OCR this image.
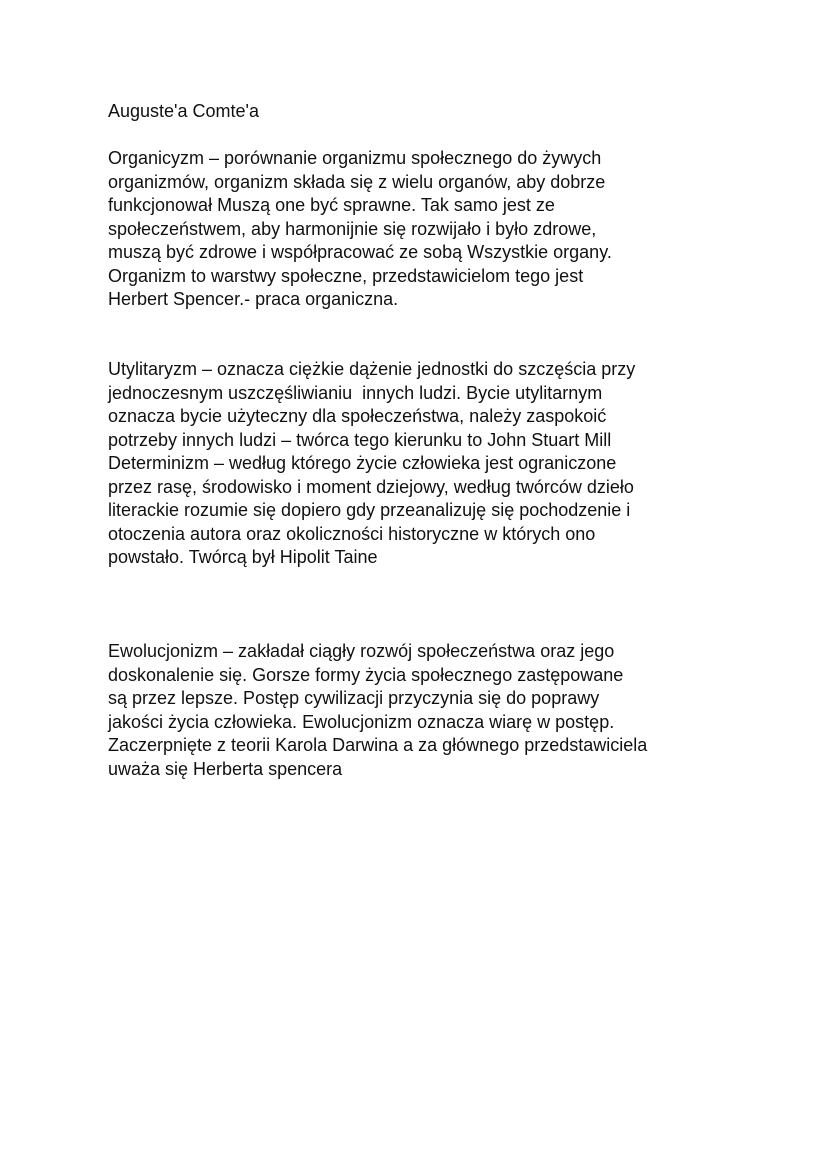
Auguste'a Comte'a
Organicyzm – porównanie organizmu społecznego do żywych
organizmów, organizm składa się z wielu organów, aby dobrze
funkcjonował Muszą one być sprawne. Tak samo jest ze
społeczeństwem, aby harmonijnie się rozwijało i było zdrowe,
muszą być zdrowe i współpracować ze sobą Wszystkie organy.
Organizm to warstwy społeczne, przedstawicielom tego jest
Herbert Spencer.- praca organiczna.
Utylitaryzm – oznacza ciężkie dążenie jednostki do szczęścia przy
jednoczesnym uszczęśliwianiu  innych ludzi. Bycie utylitarnym
oznacza bycie użyteczny dla społeczeństwa, należy zaspokoić
potrzeby innych ludzi – twórca tego kierunku to John Stuart Mill
Determinizm – według którego życie człowieka jest ograniczone
przez rasę, środowisko i moment dziejowy, według twórców dzieło
literackie rozumie się dopiero gdy przeanalizuję się pochodzenie i
otoczenia autora oraz okoliczności historyczne w których ono
powstało. Twórcą był Hipolit Taine
Ewolucjonizm – zakładał ciągły rozwój społeczeństwa oraz jego
doskonalenie się. Gorsze formy życia społecznego zastępowane
są przez lepsze. Postęp cywilizacji przyczynia się do poprawy
jakości życia człowieka. Ewolucjonizm oznacza wiarę w postęp.
Zaczerpnięte z teorii Karola Darwina a za głównego przedstawiciela
uważa się Herberta spencera
